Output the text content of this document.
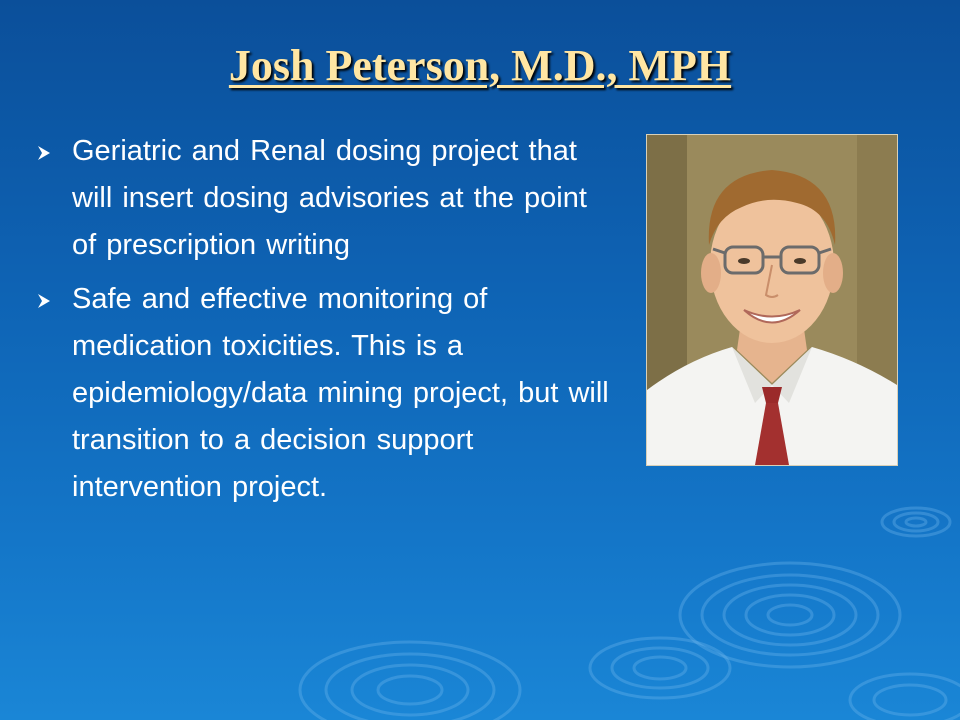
Josh Peterson, M.D., MPH
Geriatric and Renal dosing project that will insert dosing advisories at the point of prescription writing
Safe and effective monitoring of medication toxicities. This is a epidemiology/data mining project, but will transition to a decision support intervention project.
